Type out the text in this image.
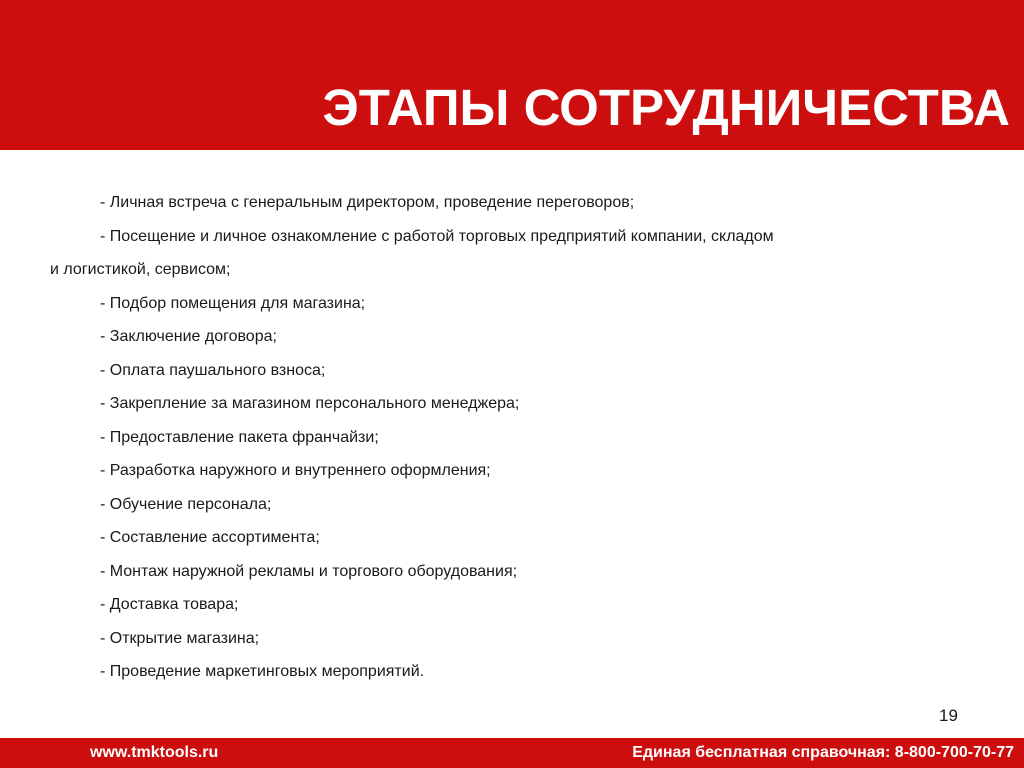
ЭТАПЫ СОТРУДНИЧЕСТВА
- Личная встреча с генеральным директором, проведение переговоров;
- Посещение и личное ознакомление с работой торговых предприятий компании, складом
и логистикой, сервисом;
- Подбор помещения для магазина;
- Заключение договора;
- Оплата паушального взноса;
- Закрепление за магазином персонального менеджера;
- Предоставление пакета франчайзи;
- Разработка наружного и внутреннего оформления;
- Обучение персонала;
- Составление ассортимента;
- Монтаж наружной рекламы и торгового оборудования;
- Доставка товара;
- Открытие магазина;
- Проведение маркетинговых мероприятий.
19
www.tmktools.ru	Единая бесплатная справочная: 8-800-700-70-77
